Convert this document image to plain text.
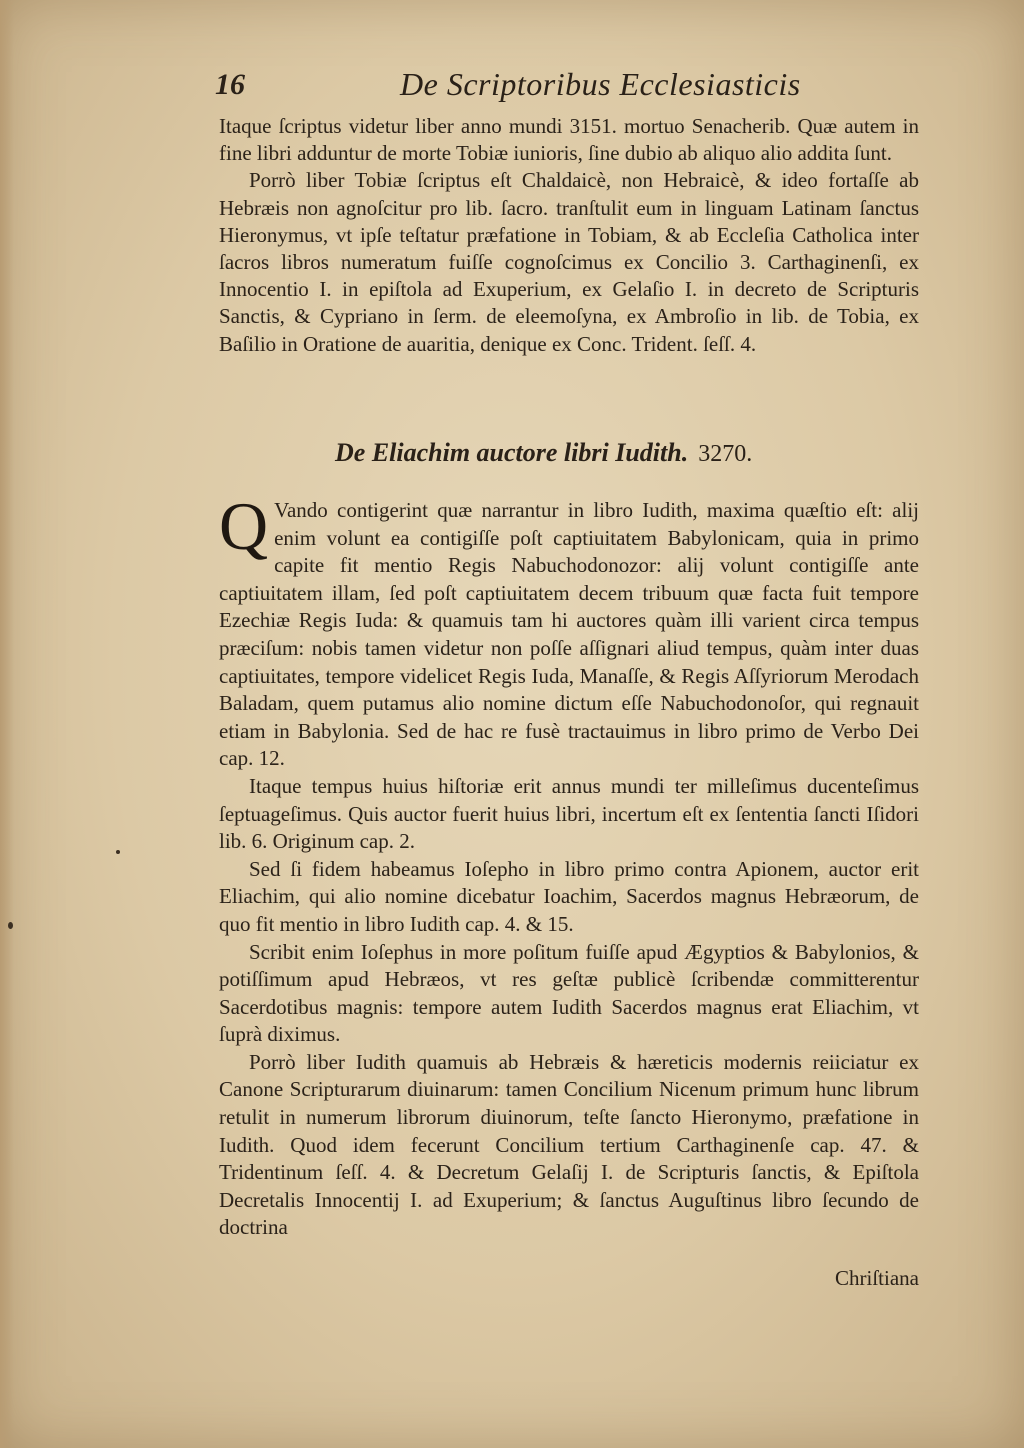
16	De Scriptoribus Ecclesiasticis

Itaque ſcriptus videtur liber anno mundi 3151. mortuo Senacherib. Quæ autem in fine libri adduntur de morte Tobiæ iunioris, ſine dubio ab aliquo alio addita ſunt.

Porrò liber Tobiæ ſcriptus eſt Chaldaicè, non Hebraicè, & ideo fortaſſe ab Hebræis non agnoſcitur pro lib. ſacro. tranſtulit eum in linguam Latinam ſanctus Hieronymus, vt ipſe teſtatur præfatione in Tobiam, & ab Eccleſia Catholica inter ſacros libros numeratum fuiſſe cognoſcimus ex Concilio 3. Carthaginenſi, ex Innocentio I. in epiſtola ad Exuperium, ex Gelaſio I. in decreto de Scripturis Sanctis, & Cypriano in ſerm. de eleemoſyna, ex Ambroſio in lib. de Tobia, ex Baſilio in Oratione de auaritia, denique ex Conc. Trident. ſeſſ. 4.

De Eliachim auctore libri Iudith. 3270.

Q Vando contigerint quæ narrantur in libro Iudith, maxima quæſtio eſt: alij enim volunt ea contigiſſe poſt captiuitatem Babylonicam, quia in primo capite fit mentio Regis Nabuchodonozor: alij volunt contigiſſe ante captiuitatem illam, ſed poſt captiuitatem decem tribuum quæ facta fuit tempore Ezechiæ Regis Iuda: & quamuis tam hi auctores quàm illi varient circa tempus præciſum: nobis tamen videtur non poſſe aſſignari aliud tempus, quàm inter duas captiuitates, tempore videlicet Regis Iuda, Manaſſe, & Regis Aſſyriorum Merodach Baladam, quem putamus alio nomine dictum eſſe Nabuchodonoſor, qui regnauit etiam in Babylonia. Sed de hac re fusè tractauimus in libro primo de Verbo Dei cap. 12.

Itaque tempus huius hiſtoriæ erit annus mundi ter milleſimus ducenteſimus ſeptuageſimus. Quis auctor fuerit huius libri, incertum eſt ex ſententia ſancti Iſidori lib. 6. Originum cap. 2.

Sed ſi fidem habeamus Ioſepho in libro primo contra Apionem, auctor erit Eliachim, qui alio nomine dicebatur Ioachim, Sacerdos magnus Hebræorum, de quo fit mentio in libro Iudith cap. 4. & 15.

Scribit enim Ioſephus in more poſitum fuiſſe apud Ægyptios & Babylonios, & potiſſimum apud Hebræos, vt res geſtæ publicè ſcribendæ committerentur Sacerdotibus magnis: tempore autem Iudith Sacerdos magnus erat Eliachim, vt ſuprà diximus.

Porrò liber Iudith quamuis ab Hebræis & hæreticis modernis reiiciatur ex Canone Scripturarum diuinarum: tamen Concilium Nicenum primum hunc librum retulit in numerum librorum diuinorum, teſte ſancto Hieronymo, præfatione in Iudith. Quod idem fecerunt Concilium tertium Carthaginenſe cap. 47. & Tridentinum ſeſſ. 4. & Decretum Gelaſij I. de Scripturis ſanctis, & Epiſtola Decretalis Innocentij I. ad Exuperium; & ſanctus Auguſtinus libro ſecundo de doctrina

Chriſtiana
